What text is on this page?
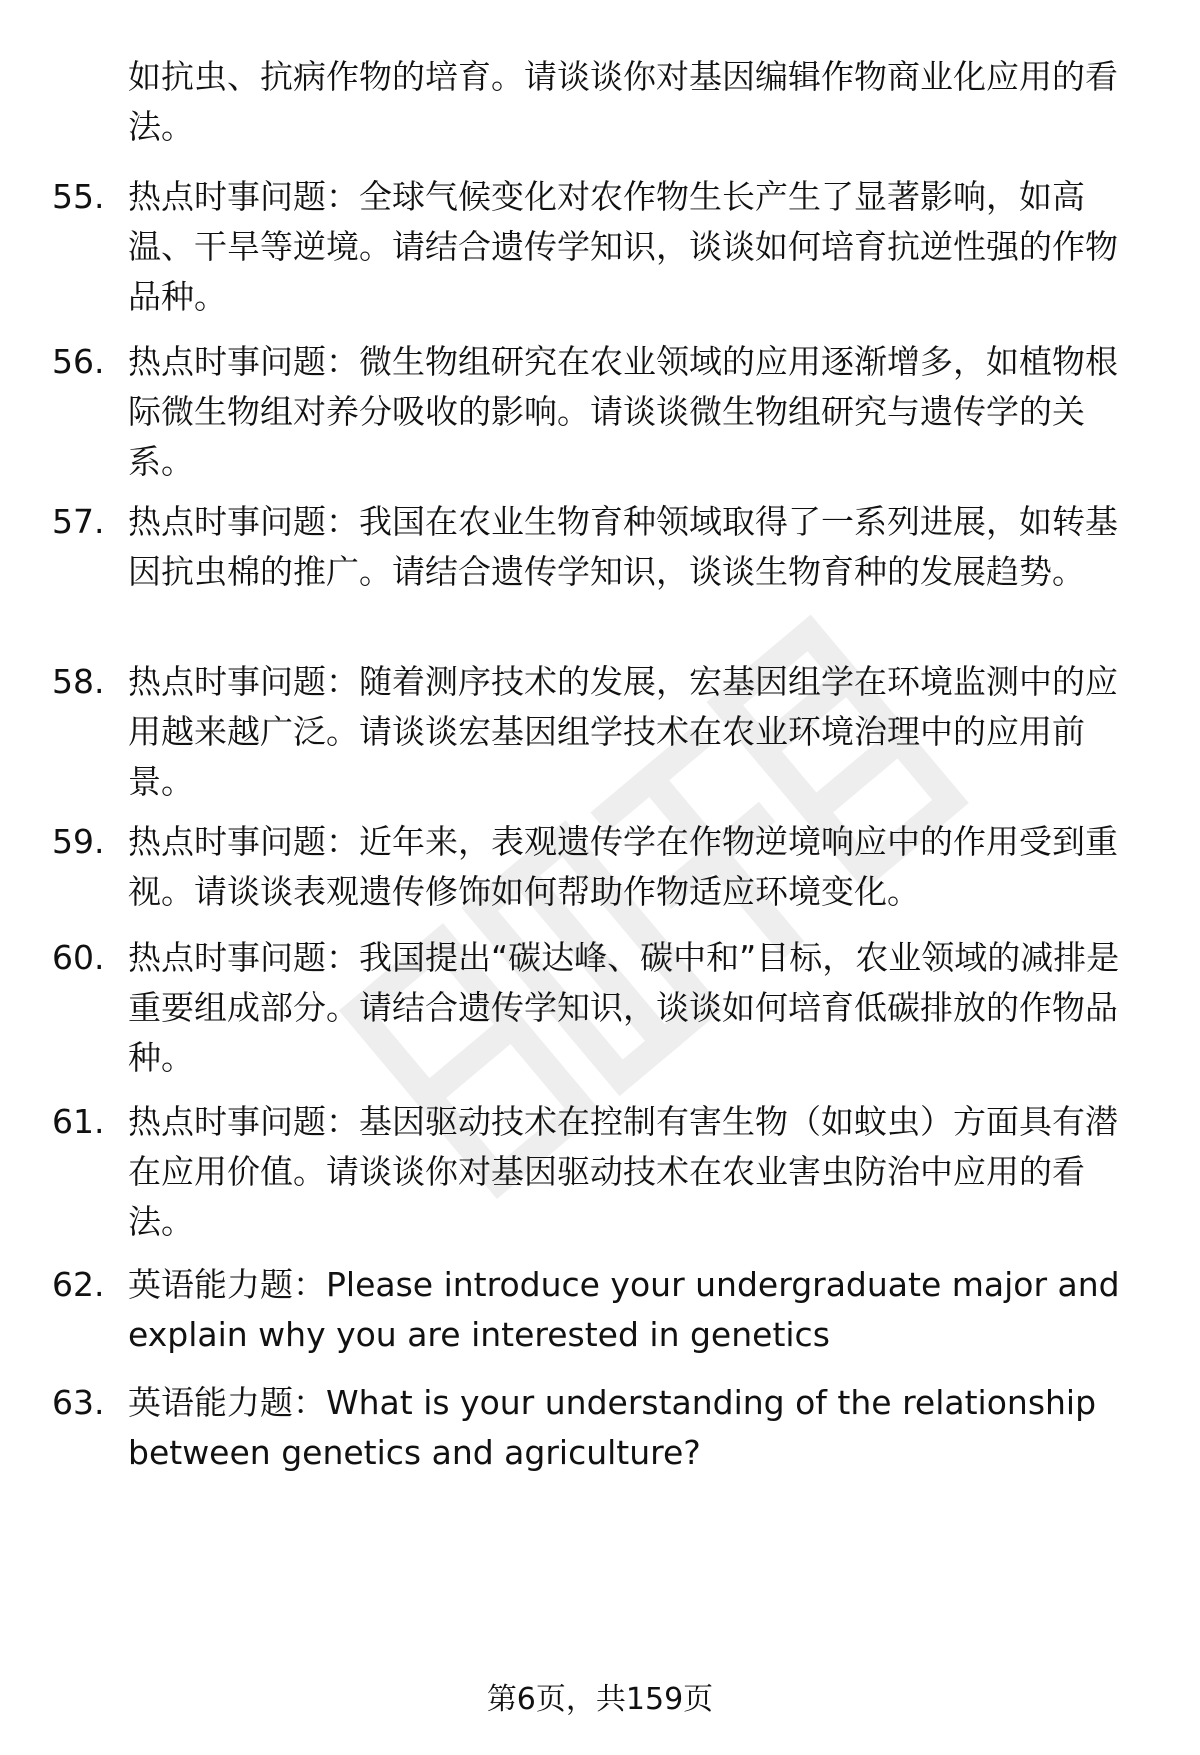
如抗虫、抗病作物的培育。请谈谈你对基因编辑作物商业化应用的看法。
55. 热点时事问题：全球气候变化对农作物生长产生了显著影响，如高温、干旱等逆境。请结合遗传学知识，谈谈如何培育抗逆性强的作物品种。
56. 热点时事问题：微生物组研究在农业领域的应用逐渐增多，如植物根际微生物组对养分吸收的影响。请谈谈微生物组研究与遗传学的关系。
57. 热点时事问题：我国在农业生物育种领域取得了一系列进展，如转基因抗虫棉的推广。请结合遗传学知识，谈谈生物育种的发展趋势。
58. 热点时事问题：随着测序技术的发展，宏基因组学在环境监测中的应用越来越广泛。请谈谈宏基因组学技术在农业环境治理中的应用前景。
59. 热点时事问题：近年来，表观遗传学在作物逆境响应中的作用受到重视。请谈谈表观遗传修饰如何帮助作物适应环境变化。
60. 热点时事问题：我国提出“碳达峰、碳中和”目标，农业领域的减排是重要组成部分。请结合遗传学知识，谈谈如何培育低碳排放的作物品种。
61. 热点时事问题：基因驱动技术在控制有害生物（如蚊虫）方面具有潜在应用价值。请谈谈你对基因驱动技术在农业害虫防治中应用的看法。
62. 英语能力题：Please introduce your undergraduate major and explain why you are interested in genetics
63. 英语能力题：What is your understanding of the relationship between genetics and agriculture?
第6页，共159页
